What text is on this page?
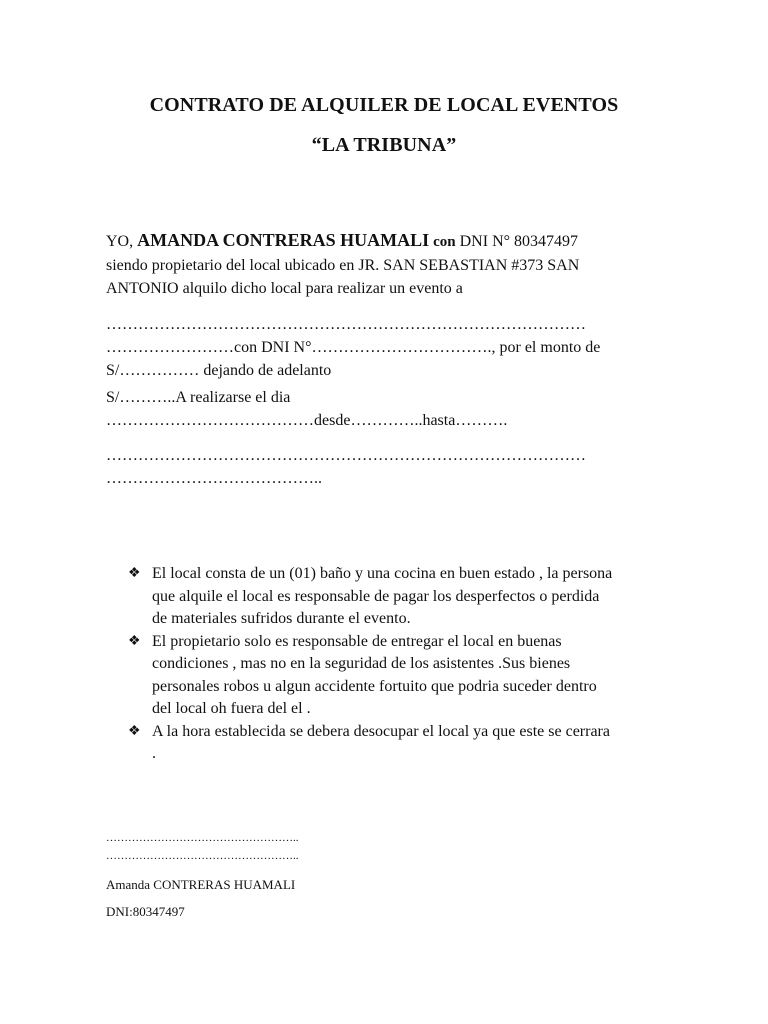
CONTRATO DE ALQUILER DE LOCAL EVENTOS
“LA TRIBUNA”
YO, AMANDA CONTRERAS HUAMALI con DNI N° 80347497
siendo propietario del local ubicado en JR. SAN SEBASTIAN #373 SAN
ANTONIO alquilo dicho local para realizar un evento a
………………………………………………………………………………
……………………con DNI N°……………………………., por el monto de
S/…………… dejando de adelanto
S/………..A realizarse el dia
…………………………………desde…………..hasta……….
………………………………………………………………………………
…………………………………..
❖ El local consta de un (01) baño y una cocina en buen estado , la persona
que alquile el local es responsable de pagar los desperfectos o perdida
de materiales sufridos durante el evento.
❖ El propietario solo es responsable de entregar el local en buenas
condiciones , mas no en la seguridad de los asistentes .Sus bienes
personales robos u algun accidente fortuito que podria suceder dentro
del local oh fuera del el .
❖ A la hora establecida se debera desocupar el local ya que este se cerrara
.

……………………………………………..

……………………………………………..

Amanda CONTRERAS HUAMALI

DNI:80347497
